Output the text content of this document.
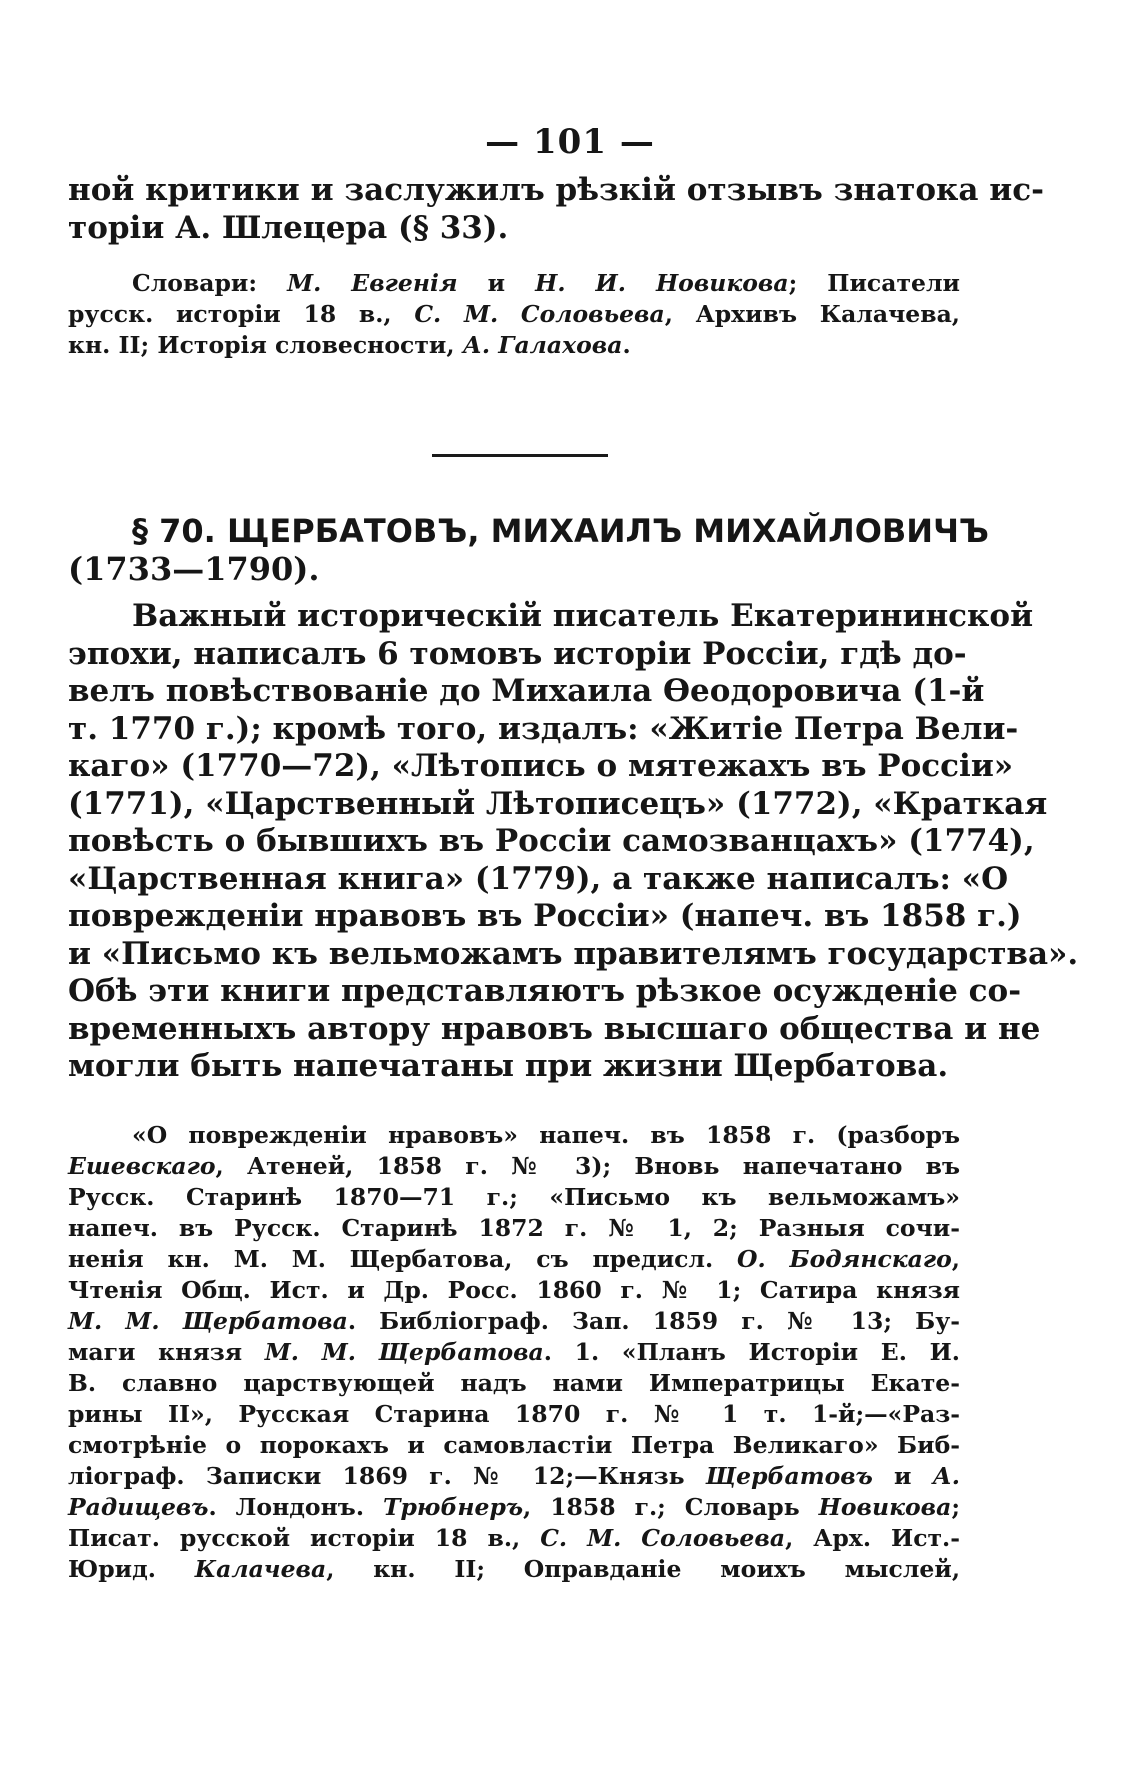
— 101 —
ной критики и заслужилъ рѣзкій отзывъ знатока ис-
торіи А. Шлецера (§ 33).
Словари: М. Евгенія и Н. И. Новикова; Писатели
русск. исторіи 18 в., С. М. Соловьева, Архивъ Калачева,
кн. II; Исторія словесности, А. Галахова.
§ 70. ЩЕРБАТОВЪ, МИХАИЛЪ МИХАЙЛОВИЧЪ
(1733—1790).
Важный историческій писатель Екатерининской
эпохи, написалъ 6 томовъ исторіи Россіи, гдѣ до-
велъ повѣствованіе до Михаила Ѳеодоровича (1-й
т. 1770 г.); кромѣ того, издалъ: «Житіе Петра Вели-
каго» (1770—72), «Лѣтопись о мятежахъ въ Россіи»
(1771), «Царственный Лѣтописецъ» (1772), «Краткая
повѣсть о бывшихъ въ Россіи самозванцахъ» (1774),
«Царственная книга» (1779), а также написалъ: «О
поврежденіи нравовъ въ Россіи» (напеч. въ 1858 г.)
и «Письмо къ вельможамъ правителямъ государства».
Обѣ эти книги представляютъ рѣзкое осужденіе со-
временныхъ автору нравовъ высшаго общества и не
могли быть напечатаны при жизни Щербатова.
«О поврежденіи нравовъ» напеч. въ 1858 г. (разборъ
Ешевскаго, Атеней, 1858 г. № 3); Вновь напечатано въ
Русск. Старинѣ 1870—71 г.; «Письмо къ вельможамъ»
напеч. въ Русск. Старинѣ 1872 г. № 1, 2; Разныя сочи-
ненія кн. М. М. Щербатова, съ предисл. О. Бодянскаго,
Чтенія Общ. Ист. и Др. Росс. 1860 г. № 1; Сатира князя
М. М. Щербатова. Библіограф. Зап. 1859 г. № 13; Бу-
маги князя М. М. Щербатова. 1. «Планъ Исторіи Е. И.
В. славно царствующей надъ нами Императрицы Екате-
рины II», Русская Старина 1870 г. № 1 т. 1-й;—«Раз-
смотрѣніе о порокахъ и самовластіи Петра Великаго» Биб-
ліограф. Записки 1869 г. № 12;—Князь Щербатовъ и А.
Радищевъ. Лондонъ. Трюбнеръ, 1858 г.; Словарь Новикова;
Писат. русской исторіи 18 в., С. М. Соловьева, Арх. Ист.-
Юрид. Калачева, кн. II; Оправданіе моихъ мыслей,
